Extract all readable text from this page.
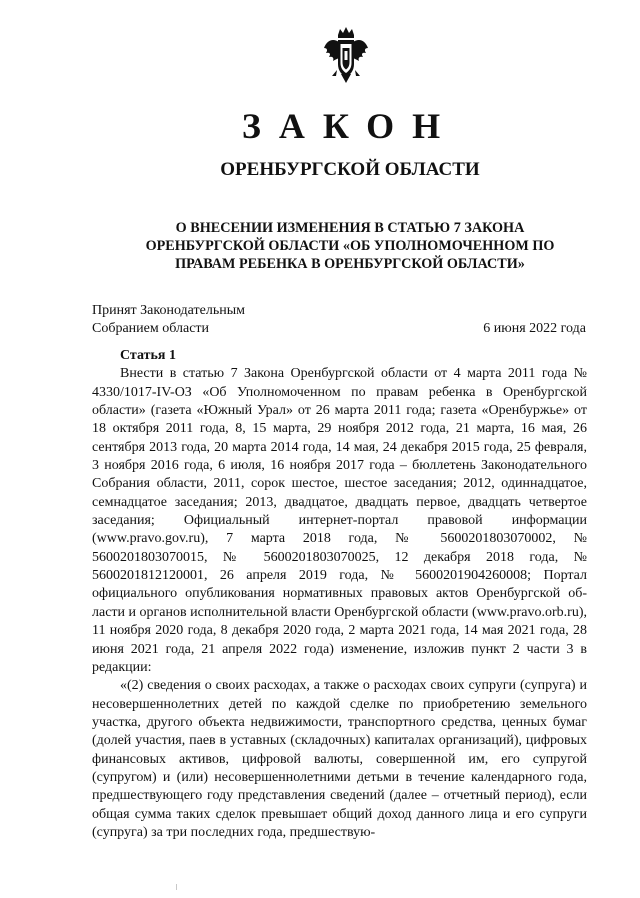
ЗАКОН
ОРЕНБУРГСКОЙ ОБЛАСТИ
О ВНЕСЕНИИ ИЗМЕНЕНИЯ В СТАТЬЮ 7 ЗАКОНА
ОРЕНБУРГСКОЙ ОБЛАСТИ «ОБ УПОЛНОМОЧЕННОМ ПО
ПРАВАМ РЕБЕНКА В ОРЕНБУРГСКОЙ ОБЛАСТИ»
Принят Законодательным
Собранием области	6 июня 2022 года

Статья 1

Внести в статью 7 Закона Оренбургской области от 4 марта 2011 года № 4330/1017-IV-ОЗ «Об Уполномоченном по правам ребенка в Оренбургской области» (газета «Южный Урал» от 26 марта 2011 года; газета «Оренбуржье» от 18 октября 2011 года, 8, 15 марта, 29 ноября 2012 года, 21 марта, 16 мая, 26 сентября 2013 года, 20 марта 2014 года, 14 мая, 24 декабря 2015 года, 25 февраля, 3 ноября 2016 года, 6 июля, 16 ноября 2017 года – бюллетень Законодательного Собрания области, 2011, сорок шестое, шестое заседания; 2012, одиннадцатое, семнадцатое заседания; 2013, двадцатое, двадцать первое, двадцать четвертое заседания; Официальный интернет-портал правовой информации (www.pravo.gov.ru), 7 марта 2018 года, № 5600201803070002, № 5600201803070015, № 5600201803070025, 12 декабря 2018 года, № 5600201812120001, 26 апреля 2019 года, № 5600201904260008; Портал официального опубликования нормативных правовых актов Оренбургской области и органов исполнительной власти Оренбургской области (www.pravo.orb.ru), 11 ноября 2020 года, 8 декабря 2020 года, 2 марта 2021 года, 14 мая 2021 года, 28 июня 2021 года, 21 апреля 2022 года) изменение, изложив пункт 2 части 3 в редакции:

«(2) сведения о своих расходах, а также о расходах своих супруги (супруга) и несовершеннолетних детей по каждой сделке по приобретению земельного участка, другого объекта недвижимости, транспортного средства, ценных бумаг (долей участия, паев в уставных (складочных) капиталах организаций), цифровых финансовых активов, цифровой валюты, совершенной им, его супругой (супругом) и (или) несовершеннолетними детьми в течение календарного года, предшествующего году представления сведений (далее – отчетный период), если общая сумма таких сделок превышает общий доход данного лица и его супруги (супруга) за три последних года, предшествую-
